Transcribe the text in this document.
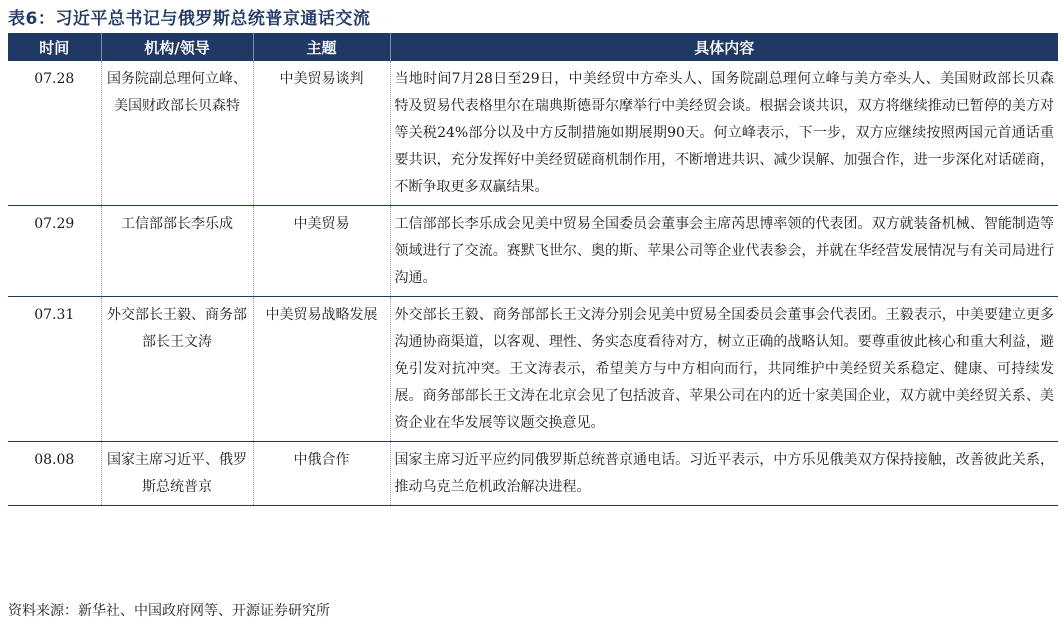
表6：习近平总书记与俄罗斯总统普京通话交流
时间	机构/领导	主题	具体内容
07.28	国务院副总理何立峰、美国财政部长贝森特	中美贸易谈判	当地时间7月28日至29日，中美经贸中方牵头人、国务院副总理何立峰与美方牵头人、美国财政部长贝森特及贸易代表格里尔在瑞典斯德哥尔摩举行中美经贸会谈。根据会谈共识，双方将继续推动已暂停的美方对等关税24%部分以及中方反制措施如期展期90天。何立峰表示，下一步，双方应继续按照两国元首通话重要共识，充分发挥好中美经贸磋商机制作用，不断增进共识、减少误解、加强合作，进一步深化对话磋商，不断争取更多双赢结果。
07.29	工信部部长李乐成	中美贸易	工信部部长李乐成会见美中贸易全国委员会董事会主席芮思博率领的代表团。双方就装备机械、智能制造等领域进行了交流。赛默飞世尔、奥的斯、苹果公司等企业代表参会，并就在华经营发展情况与有关司局进行沟通。
07.31	外交部长王毅、商务部部长王文涛	中美贸易战略发展	外交部长王毅、商务部部长王文涛分别会见美中贸易全国委员会董事会代表团。王毅表示，中美要建立更多沟通协商渠道，以客观、理性、务实态度看待对方，树立正确的战略认知。要尊重彼此核心和重大利益，避免引发对抗冲突。王文涛表示，希望美方与中方相向而行，共同维护中美经贸关系稳定、健康、可持续发展。商务部部长王文涛在北京会见了包括波音、苹果公司在内的近十家美国企业，双方就中美经贸关系、美资企业在华发展等议题交换意见。
08.08	国家主席习近平、俄罗斯总统普京	中俄合作	国家主席习近平应约同俄罗斯总统普京通电话。习近平表示，中方乐见俄美双方保持接触，改善彼此关系，推动乌克兰危机政治解决进程。
资料来源：新华社、中国政府网等、开源证券研究所
